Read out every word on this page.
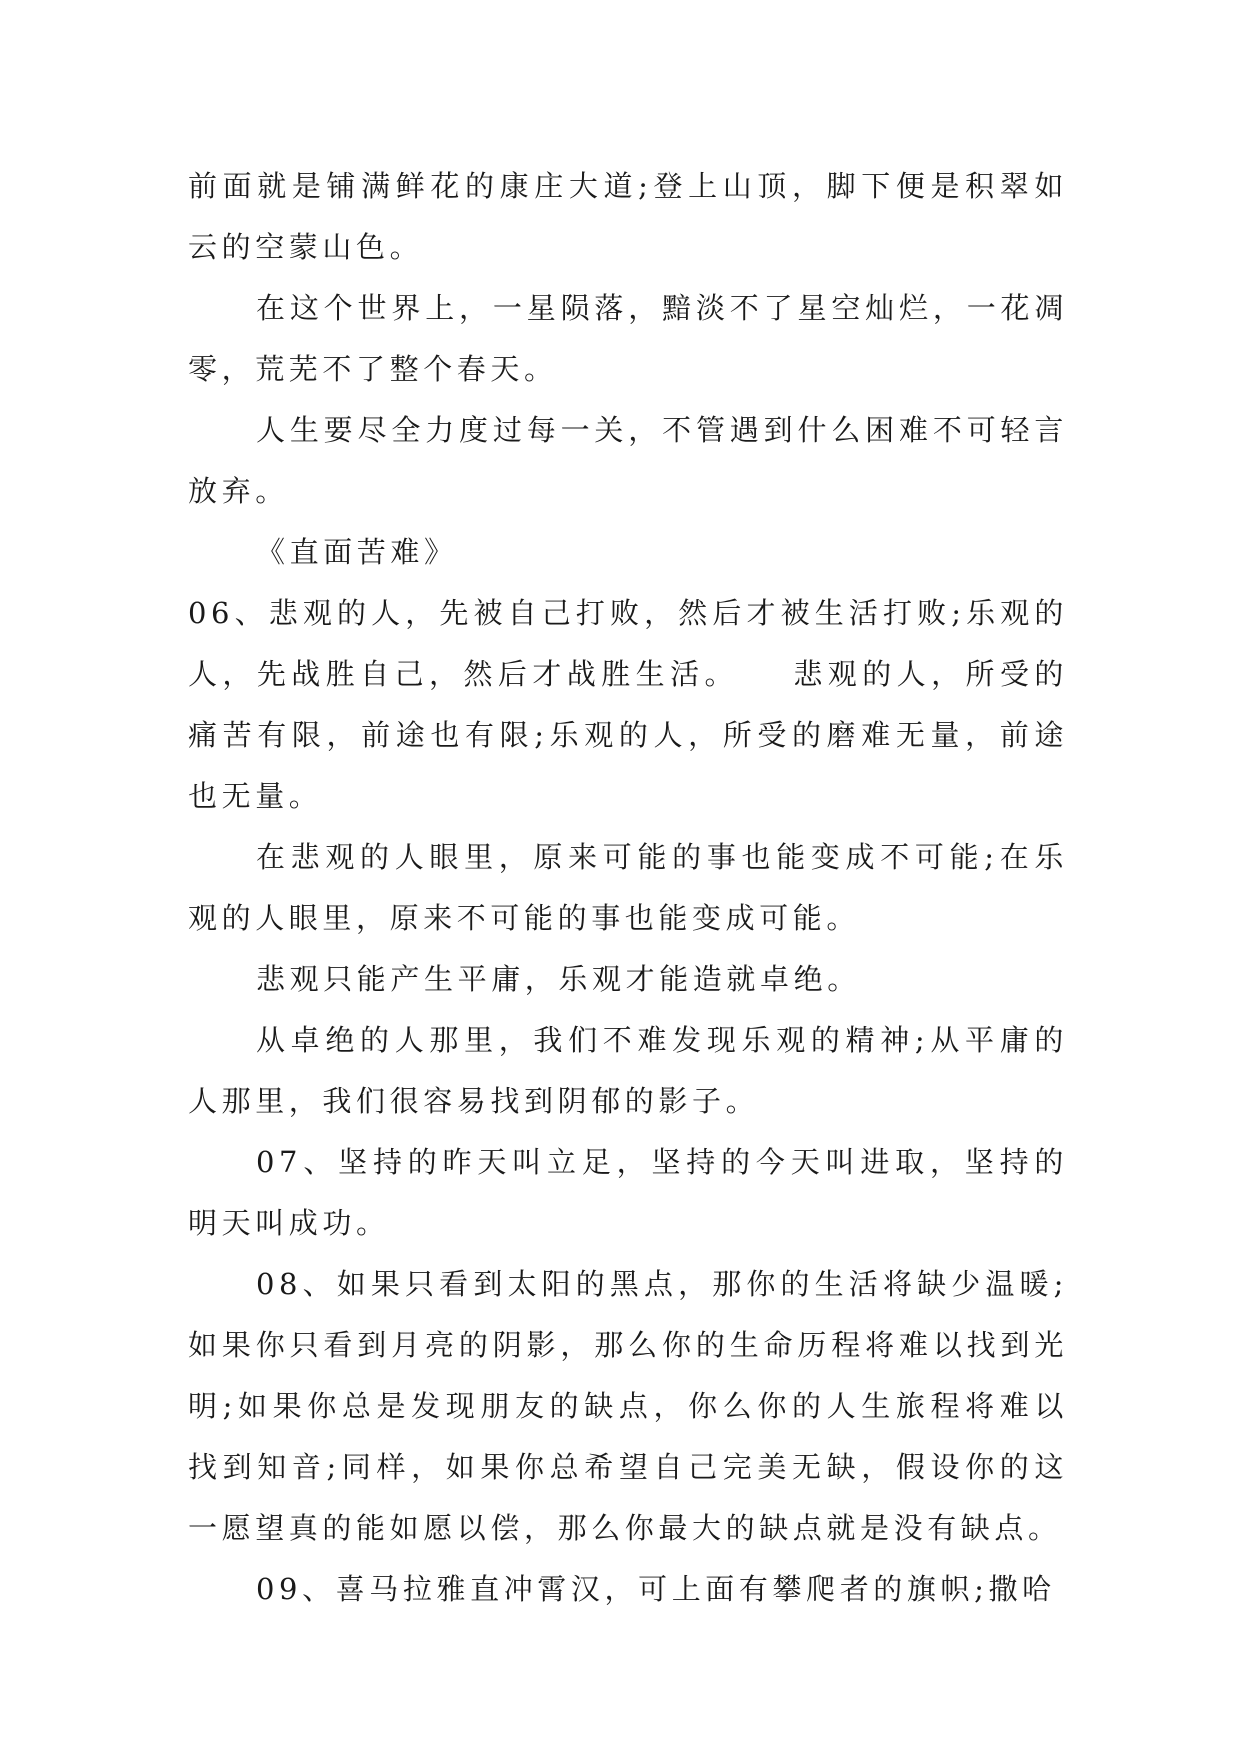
前面就是铺满鲜花的康庄大道;登上山顶，脚下便是积翠如云的空蒙山色。

在这个世界上，一星陨落，黯淡不了星空灿烂，一花凋零，荒芜不了整个春天。

人生要尽全力度过每一关，不管遇到什么困难不可轻言放弃。

《直面苦难》

06、悲观的人，先被自己打败，然后才被生活打败;乐观的人，先战胜自己，然后才战胜生活。　　悲观的人，所受的痛苦有限，前途也有限;乐观的人，所受的磨难无量，前途也无量。

在悲观的人眼里，原来可能的事也能变成不可能;在乐观的人眼里，原来不可能的事也能变成可能。

悲观只能产生平庸，乐观才能造就卓绝。

从卓绝的人那里，我们不难发现乐观的精神;从平庸的人那里，我们很容易找到阴郁的影子。

07、坚持的昨天叫立足，坚持的今天叫进取，坚持的明天叫成功。

08、如果只看到太阳的黑点，那你的生活将缺少温暖;如果你只看到月亮的阴影，那么你的生命历程将难以找到光明;如果你总是发现朋友的缺点，你么你的人生旅程将难以找到知音;同样，如果你总希望自己完美无缺，假设你的这一愿望真的能如愿以偿，那么你最大的缺点就是没有缺点。

09、喜马拉雅直冲霄汉，可上面有攀爬者的旗帜;撒哈
